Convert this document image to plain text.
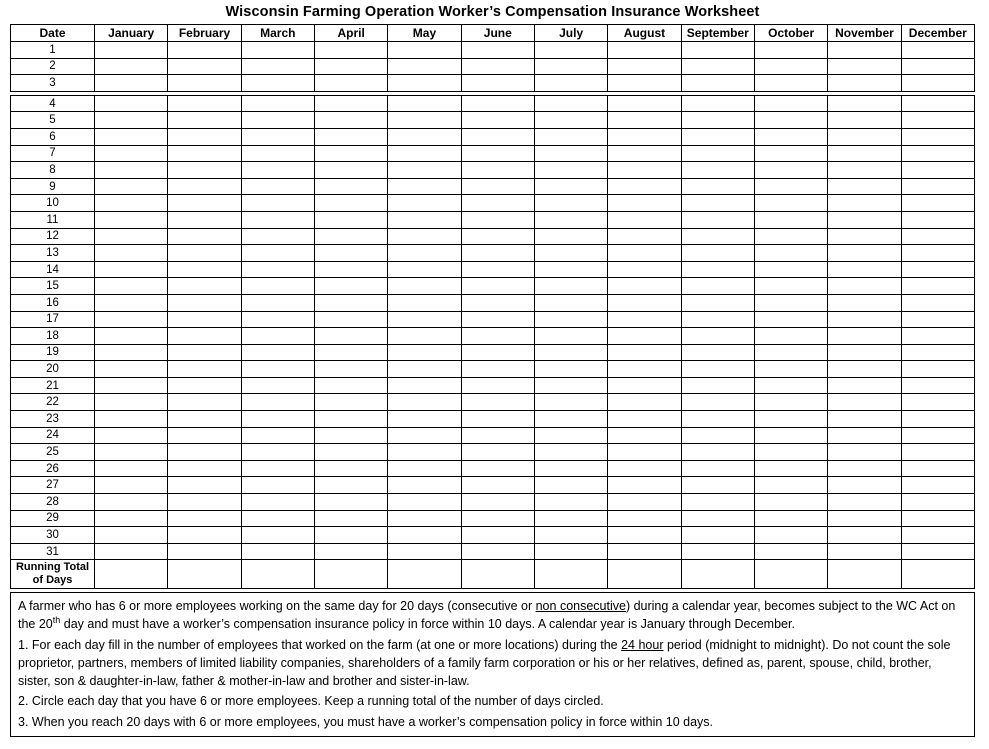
Wisconsin Farming Operation Worker’s Compensation Insurance Worksheet
Date	January	February	March	April	May	June	July	August	September	October	November	December
1												
2												
3												
4												
5												
6												
7												
8												
9												
10												
11												
12												
13												
14												
15												
16												
17												
18												
19												
20												
21												
22												
23												
24												
25												
26												
27												
28												
29												
30												
31												

Running Total
of Days												

A farmer who has 6 or more employees working on the same day for 20 days (consecutive or non consecutive) during a calendar year, becomes subject to the WC Act on the 20th day and must have a worker’s compensation insurance policy in force within 10 days. A calendar year is January through December.

1. For each day fill in the number of employees that worked on the farm (at one or more locations) during the 24 hour period (midnight to midnight). Do not count the sole proprietor, partners, members of limited liability companies, shareholders of a family farm corporation or his or her relatives, defined as, parent, spouse, child, brother, sister, son & daughter-in-law, father & mother-in-law and brother and sister-in-law.

2. Circle each day that you have 6 or more employees. Keep a running total of the number of days circled.

3. When you reach 20 days with 6 or more employees, you must have a worker’s compensation policy in force within 10 days.
